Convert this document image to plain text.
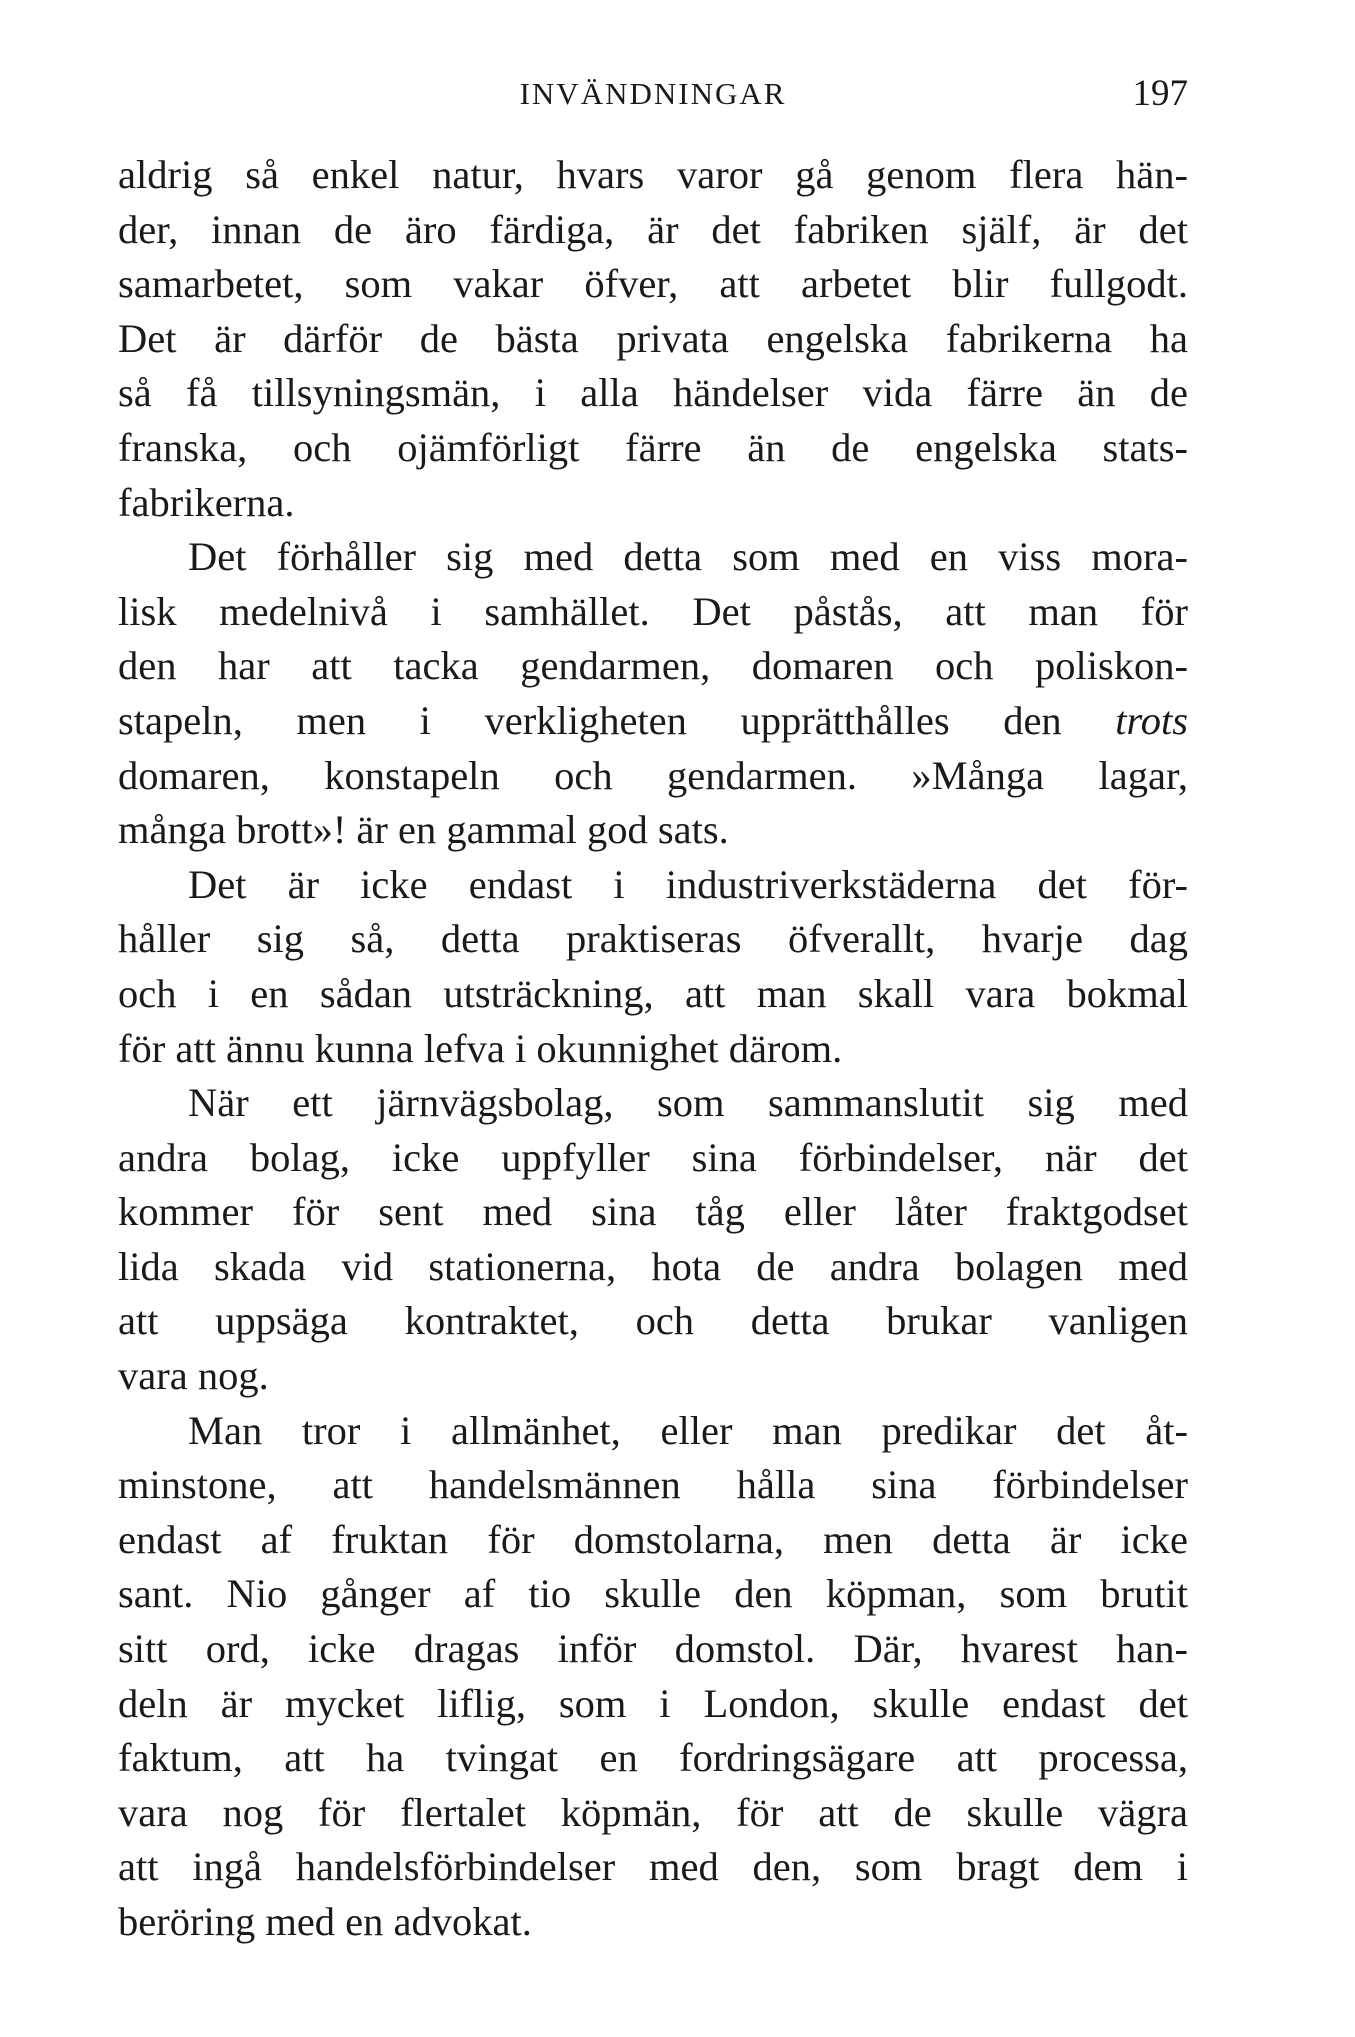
INVÄNDNINGAR	197
aldrig så enkel natur, hvars varor gå genom flera hän-
der, innan de äro färdiga, är det fabriken själf, är det
samarbetet, som vakar öfver, att arbetet blir fullgodt.
Det är därför de bästa privata engelska fabrikerna ha
så få tillsyningsmän, i alla händelser vida färre än de
franska, och ojämförligt färre än de engelska stats-
fabrikerna.
Det förhåller sig med detta som med en viss mora-
lisk medelnivå i samhället. Det påstås, att man för
den har att tacka gendarmen, domaren och poliskon-
stapeln, men i verkligheten upprätthålles den trots
domaren, konstapeln och gendarmen. »Många lagar,
många brott»! är en gammal god sats.
Det är icke endast i industriverkstäderna det för-
håller sig så, detta praktiseras öfverallt, hvarje dag
och i en sådan utsträckning, att man skall vara bokmal
för att ännu kunna lefva i okunnighet därom.
När ett järnvägsbolag, som sammanslutit sig med
andra bolag, icke uppfyller sina förbindelser, när det
kommer för sent med sina tåg eller låter fraktgodset
lida skada vid stationerna, hota de andra bolagen med
att uppsäga kontraktet, och detta brukar vanligen
vara nog.
Man tror i allmänhet, eller man predikar det åt-
minstone, att handelsmännen hålla sina förbindelser
endast af fruktan för domstolarna, men detta är icke
sant. Nio gånger af tio skulle den köpman, som brutit
sitt ord, icke dragas inför domstol. Där, hvarest han-
deln är mycket liflig, som i London, skulle endast det
faktum, att ha tvingat en fordringsägare att processa,
vara nog för flertalet köpmän, för att de skulle vägra
att ingå handelsförbindelser med den, som bragt dem i
beröring med en advokat.
